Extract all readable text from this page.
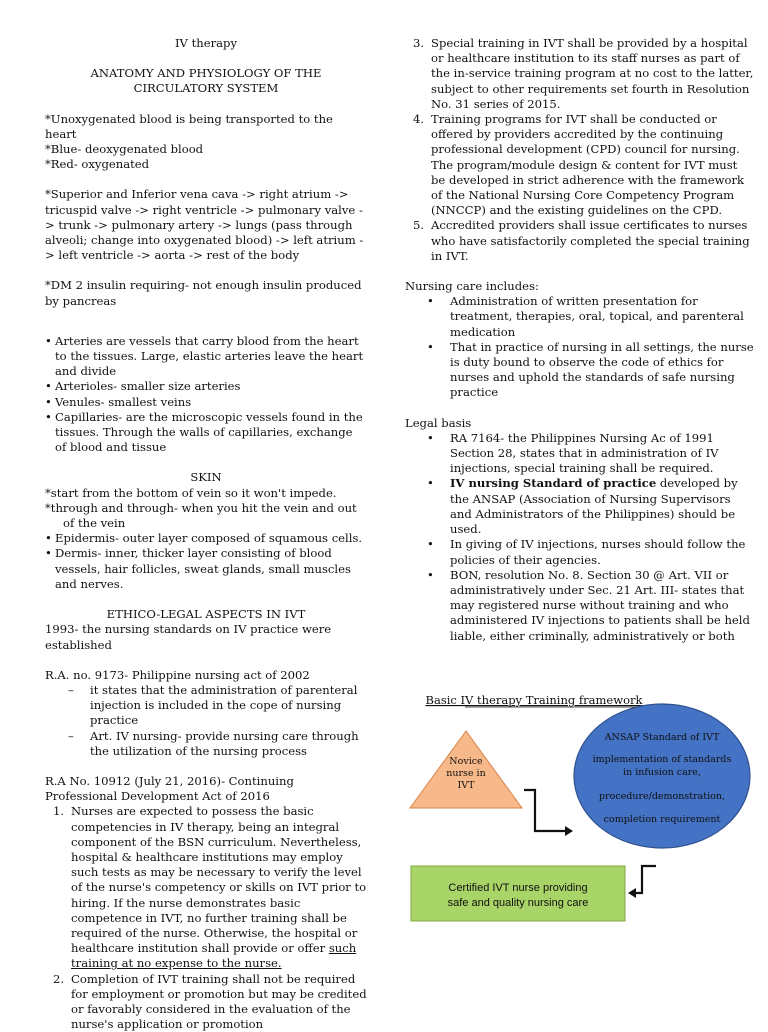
IV therapy

ANATOMY AND PHYSIOLOGY OF THE CIRCULATORY SYSTEM

*Unoxygenated blood is being transported to the heart

*Blue- deoxygenated blood

*Red- oxygenated

*Superior and Inferior vena cava -> right atrium -> tricuspid valve -> right ventricle -> pulmonary valve -> trunk -> pulmonary artery -> lungs (pass through alveoli; change into oxygenated blood) -> left atrium -> left ventricle -> aorta -> rest of the body

*DM 2 insulin requiring- not enough insulin produced by pancreas

• Arteries are vessels that carry blood from the heart to the tissues. Large, elastic arteries leave the heart and divide

• Arterioles- smaller size arteries

• Venules- smallest veins

• Capillaries- are the microscopic vessels found in the tissues. Through the walls of capillaries, exchange of blood and tissue

SKIN

*start from the bottom of vein so it won't impede.

*through and through- when you hit the vein and out of the vein

• Epidermis- outer layer composed of squamous cells.

• Dermis- inner, thicker layer consisting of blood vessels, hair follicles, sweat glands, small muscles and nerves.

ETHICO-LEGAL ASPECTS IN IVT

1993- the nursing standards on IV practice were established

R.A. no. 9173- Philippine nursing act of 2002

– it states that the administration of parenteral injection is included in the cope of nursing practice

– Art. IV nursing- provide nursing care through the utilization of the nursing process

R.A No. 10912 (July 21, 2016)- Continuing Professional Development Act of 2016

1. Nurses are expected to possess the basic competencies in IV therapy, being an integral component of the BSN curriculum. Nevertheless, hospital & healthcare institutions may employ such tests as may be necessary to verify the level of the nurse's competency or skills on IVT prior to hiring. If the nurse demonstrates basic competence in IVT, no further training shall be required of the nurse. Otherwise, the hospital or healthcare institution shall provide or offer such training at no expense to the nurse.

2. Completion of IVT training shall not be required for employment or promotion but may be credited or favorably considered in the evaluation of the nurse's application or promotion

3. Special training in IVT shall be provided by a hospital or healthcare institution to its staff nurses as part of the in-service training program at no cost to the latter, subject to other requirements set fourth in Resolution No. 31 series of 2015.

4. Training programs for IVT shall be conducted or offered by providers accredited by the continuing professional development (CPD) council for nursing. The program/module design & content for IVT must be developed in strict adherence with the framework of the National Nursing Core Competency Program (NNCCP) and the existing guidelines on the CPD.

5. Accredited providers shall issue certificates to nurses who have satisfactorily completed the special training in IVT.

Nursing care includes:

• Administration of written presentation for treatment, therapies, oral, topical, and parenteral medication

• That in practice of nursing in all settings, the nurse is duty bound to observe the code of ethics for nurses and uphold the standards of safe nursing practice

Legal basis

• RA 7164- the Philippines Nursing Ac of 1991 Section 28, states that in administration of IV injections, special training shall be required.

• IV nursing Standard of practice developed by the ANSAP (Association of Nursing Supervisors and Administrators of the Philippines) should be used.

• In giving of IV injections, nurses should follow the policies of their agencies.

• BON, resolution No. 8. Section 30 @ Art. VII or administratively under Sec. 21 Art. III- states that may registered nurse without training and who administered IV injections to patients shall be held liable, either criminally, administratively or both

Basic IV therapy Training framework
Novice
nurse in
IVT
ANSAP Standard of IVT
implementation of standards
in infusion care,
procedure/demonstration,
completion requirement
Certified IVT nurse providing
safe and quality nursing care
